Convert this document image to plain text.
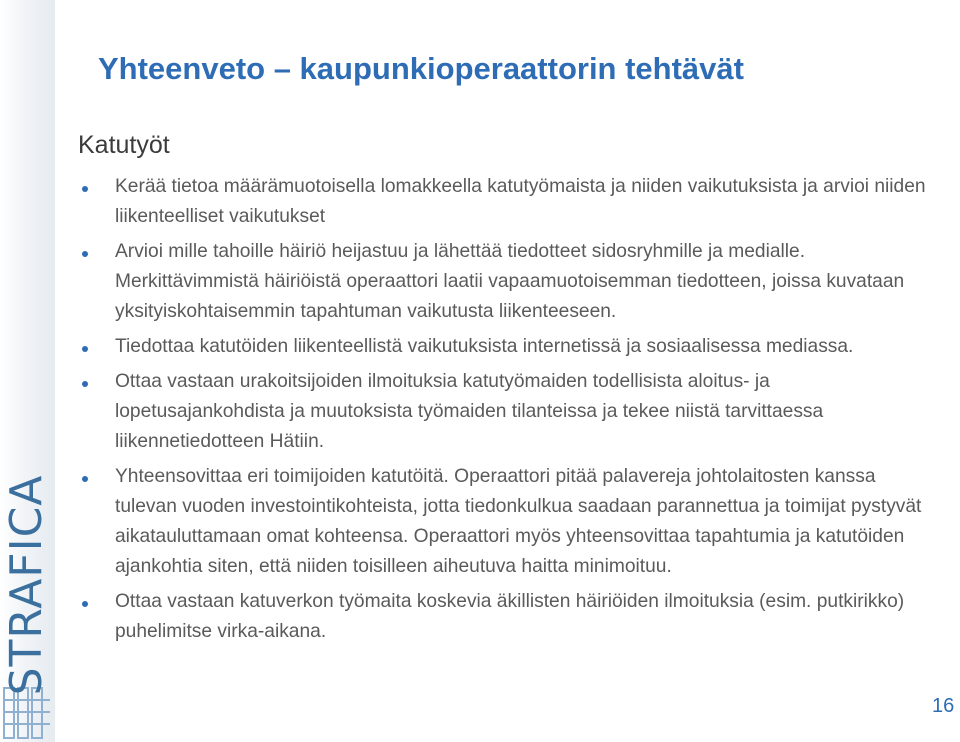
STRAFICA
Yhteenveto – kaupunkioperaattorin tehtävät
Katutyöt
Kerää tietoa määrämuotoisella lomakkeella katutyömaista ja niiden vaikutuksista ja arvioi niiden liikenteelliset vaikutukset
Arvioi mille tahoille häiriö heijastuu ja lähettää tiedotteet sidosryhmille ja medialle. Merkittävimmistä häiriöistä operaattori laatii vapaamuotoisemman tiedotteen, joissa kuvataan yksityiskohtaisemmin tapahtuman vaikutusta liikenteeseen.
Tiedottaa katutöiden liikenteellistä vaikutuksista internetissä ja sosiaalisessa mediassa.
Ottaa vastaan urakoitsijoiden ilmoituksia katutyömaiden todellisista aloitus- ja lopetusajankohdista ja muutoksista työmaiden tilanteissa ja tekee niistä tarvittaessa liikennetiedotteen Hätiin.
Yhteensovittaa eri toimijoiden katutöitä. Operaattori pitää palavereja johtolaitosten kanssa tulevan vuoden investointikohteista, jotta tiedonkulkua saadaan parannettua ja toimijat pystyvät aikatauluttamaan omat kohteensa. Operaattori myös yhteensovittaa tapahtumia ja katutöiden ajankohtia siten, että niiden toisilleen aiheutuva haitta minimoituu.
Ottaa vastaan katuverkon työmaita koskevia äkillisten häiriöiden ilmoituksia (esim. putkirikko) puhelimitse virka-aikana.
16
